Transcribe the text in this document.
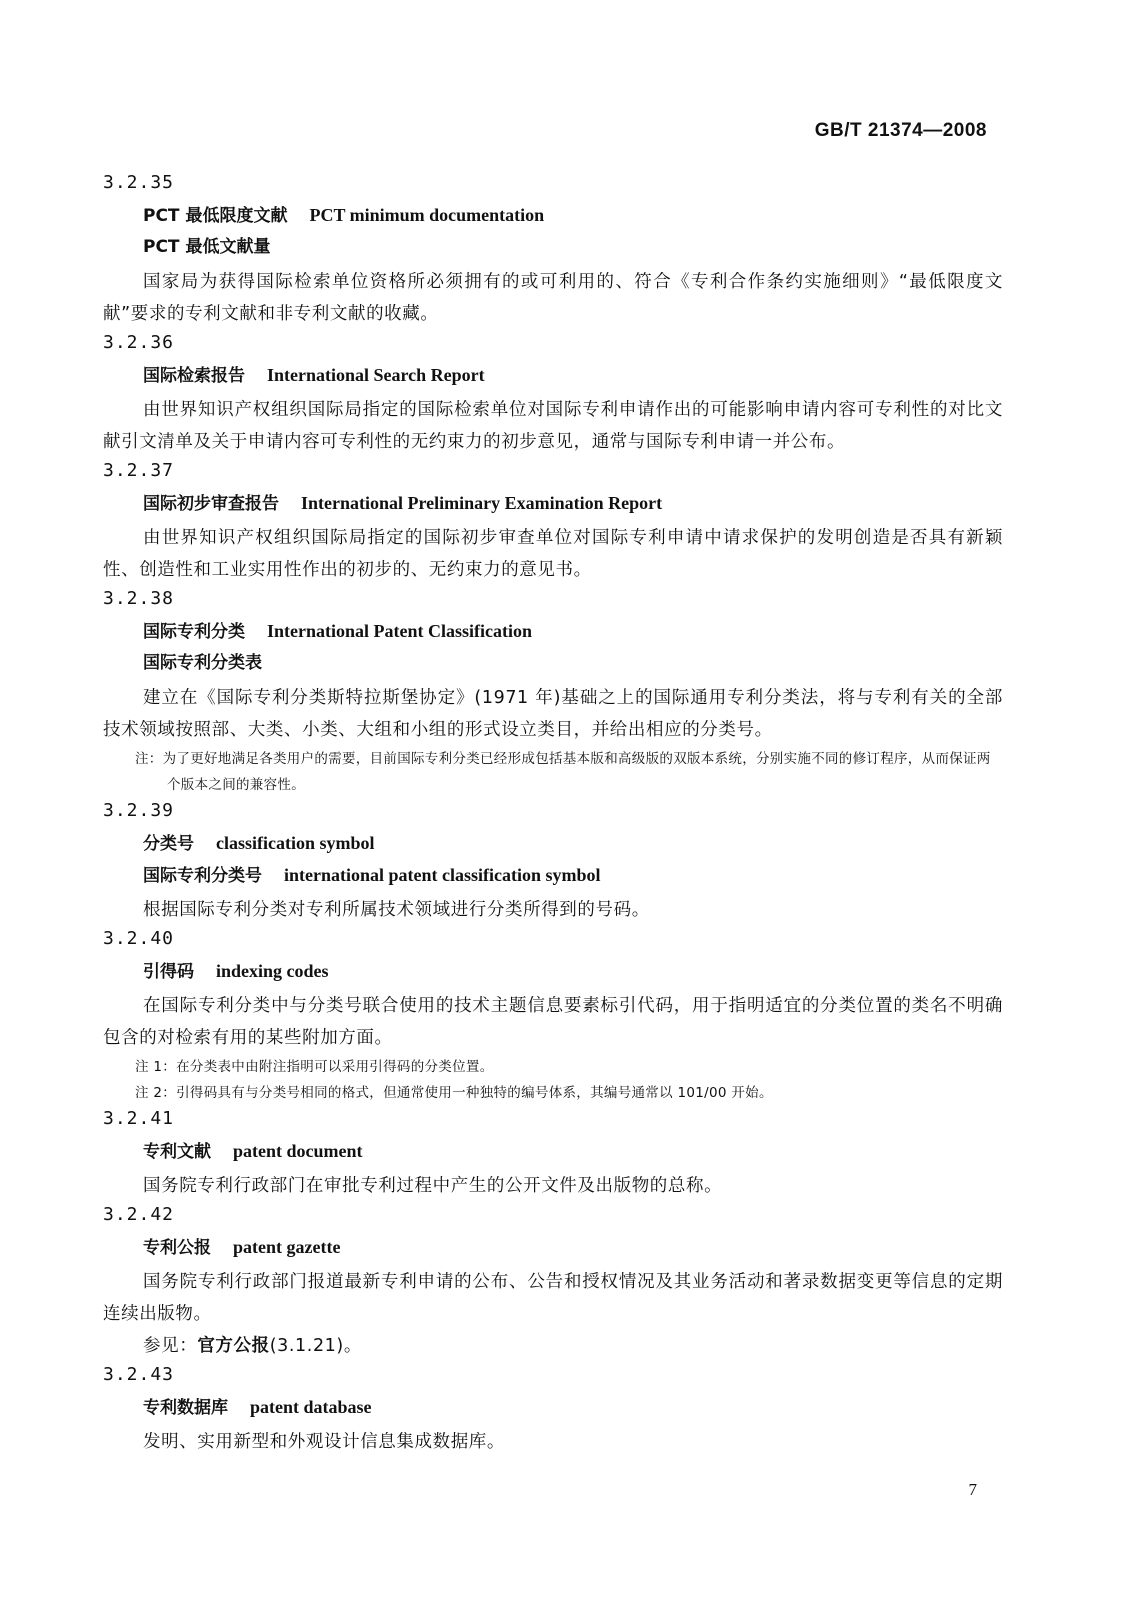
GB/T 21374—2008
3.2.35
PCT 最低限度文献 PCT minimum documentation
PCT 最低文献量
国家局为获得国际检索单位资格所必须拥有的或可利用的、符合《专利合作条约实施细则》“最低限度文献”要求的专利文献和非专利文献的收藏。
3.2.36
国际检索报告 International Search Report
由世界知识产权组织国际局指定的国际检索单位对国际专利申请作出的可能影响申请内容可专利性的对比文献引文清单及关于申请内容可专利性的无约束力的初步意见，通常与国际专利申请一并公布。
3.2.37
国际初步审查报告 International Preliminary Examination Report
由世界知识产权组织国际局指定的国际初步审查单位对国际专利申请中请求保护的发明创造是否具有新颖性、创造性和工业实用性作出的初步的、无约束力的意见书。
3.2.38
国际专利分类 International Patent Classification
国际专利分类表
建立在《国际专利分类斯特拉斯堡协定》(1971 年)基础之上的国际通用专利分类法，将与专利有关的全部技术领域按照部、大类、小类、大组和小组的形式设立类目，并给出相应的分类号。
注：为了更好地满足各类用户的需要，目前国际专利分类已经形成包括基本版和高级版的双版本系统，分别实施不同的修订程序，从而保证两个版本之间的兼容性。
3.2.39
分类号 classification symbol
国际专利分类号 international patent classification symbol
根据国际专利分类对专利所属技术领域进行分类所得到的号码。
3.2.40
引得码 indexing codes
在国际专利分类中与分类号联合使用的技术主题信息要素标引代码，用于指明适宜的分类位置的类名不明确包含的对检索有用的某些附加方面。
注 1：在分类表中由附注指明可以采用引得码的分类位置。
注 2：引得码具有与分类号相同的格式，但通常使用一种独特的编号体系，其编号通常以 101/00 开始。
3.2.41
专利文献 patent document
国务院专利行政部门在审批专利过程中产生的公开文件及出版物的总称。
3.2.42
专利公报 patent gazette
国务院专利行政部门报道最新专利申请的公布、公告和授权情况及其业务活动和著录数据变更等信息的定期连续出版物。
参见：官方公报(3.1.21)。
3.2.43
专利数据库 patent database
发明、实用新型和外观设计信息集成数据库。
7
